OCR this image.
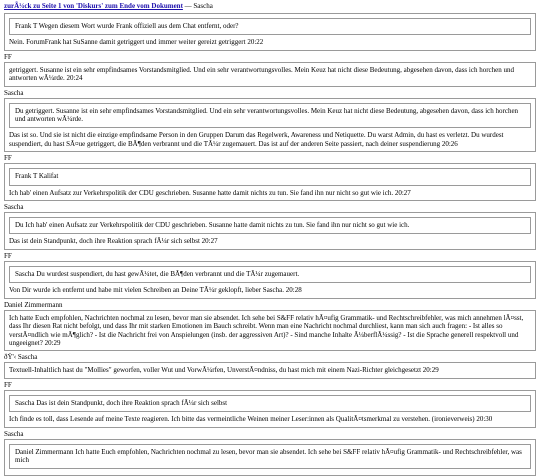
zurÃ¼ck zu Seite 1 von 'Diskurs' zum Ende vom Dokument — Sascha

Frank T Wegen diesem Wort wurde Frank offiziell aus dem Chat entfernt, oder?

Nein. ForumFrank hat SuSanne damit getriggert und immer weiter gereizt getriggert 20:22

FF

getriggert. Susanne ist ein sehr empfindsames Vorstandsmitglied. Und ein sehr verantwortungsvolles. Mein Keuz hat nicht diese Bedeutung, abgesehen davon, dass ich horchen und antworten wÃ¼rde. 20:24

Sascha

Du getriggert. Susanne ist ein sehr empfindsames Vorstandsmitglied. Und ein sehr verantwortungsvolles. Mein Keuz hat nicht diese Bedeutung, abgesehen davon, dass ich horchen und antworten wÃ¼rde.

Das ist so. Und sie ist nicht die einzige empfindsame Person in den Gruppen Darum das Regelwerk, Awareness und Netiquette. Du warst Admin, du hast es verletzt. Du wurdest suspendiert, du hast SÃ¤ue getriggert, die BÃ¶den verbrannt und die TÃ¼r zugemauert. Das ist auf der anderen Seite passiert, nach deiner suspendierung 20:26

FF

Frank T Kalifat

Ich hab' einen Aufsatz zur Verkehrspolitik der CDU geschrieben. Susanne hatte damit nichts zu tun. Sie fand ihn nur nicht so gut wie ich. 20:27

Sascha

Du Ich hab' einen Aufsatz zur Verkehrspolitik der CDU geschrieben. Susanne hatte damit nichts zu tun. Sie fand ihn nur nicht so gut wie ich.

Das ist dein Standpunkt, doch ihre Reaktion sprach fÃ¼r sich selbst 20:27

FF

Sascha Du wurdest suspendiert, du hast gewÃ¼tet, die BÃ¶den verbrannt und die TÃ¼r zugemauert.

Von Dir wurde ich entfernt und habe mit vielen Schreiben an Deine TÃ¼r geklopft, lieber Sascha. 20:28

Daniel Zimmermann

Ich hatte Euch empfohlen, Nachrichten nochmal zu lesen, bevor man sie absendet. Ich sehe bei S&FF relativ hÃ¤ufig Grammatik- und Rechtschreibfehler, was mich annehmen lÃ¤sst, dass Ihr diesen Rat nicht befolgt, und dass Ihr mit starken Emotionen im Bauch schreibt. Wenn man eine Nachricht nochmal durchliest, kann man sich auch fragen: - Ist alles so verstÃ¤ndlich wie mÃ¶glich? - Ist die Nachricht frei von Anspielungen (insb. der aggressiven Art)? - Sind manche Inhalte Ã¼berflÃ¼ssig? - Ist die Sprache generell respektvoll und ungeeignet? 20:29

ðŸ'‹ Sascha

Textuell-Inhaltlich hast du "Mollies" geworfen, voller Wut und VorwÃ¼rfen, UnverstÃ¤ndniss, du hast mich mit einem Nazi-Richter gleichgesetzt 20:29

FF

Sascha Das ist dein Standpunkt, doch ihre Reaktion sprach fÃ¼r sich selbst

Ich finde es toll, dass Lesende auf meine Texte reagieren. Ich bitte das vermeintliche Weinen meiner Leser:innen als QualitÃ¤tsmerkmal zu verstehen. (ironieverweis) 20:30

Sascha

Daniel Zimmermann Ich hatte Euch empfohlen, Nachrichten nochmal zu lesen, bevor man sie absendet. Ich sehe bei S&FF relativ hÃ¤ufig Grammatik- und Rechtschreibfehler, was mich
